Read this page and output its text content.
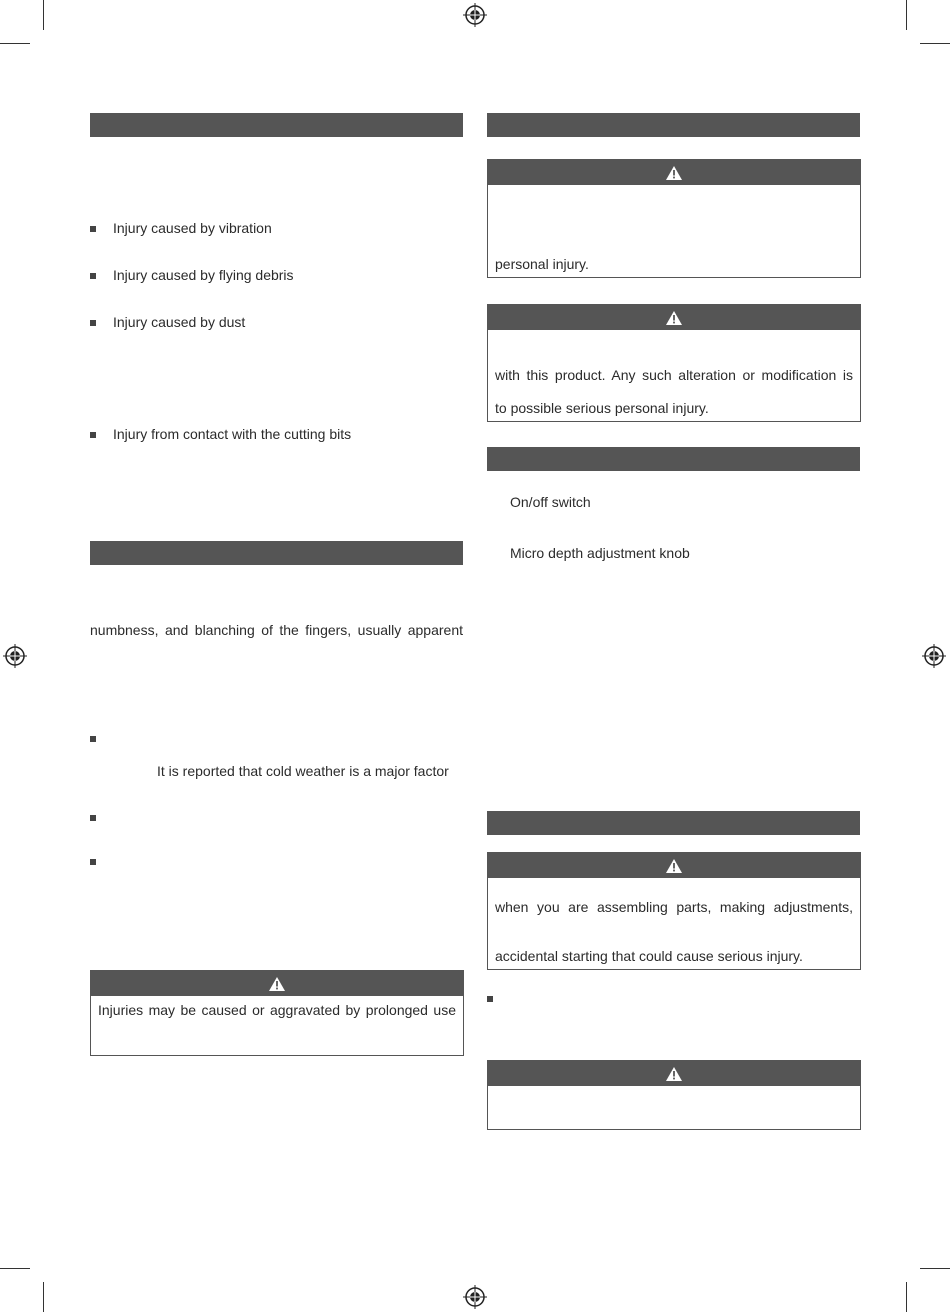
Injury caused by vibration
Injury caused by flying debris
Injury caused by dust
Injury from contact with the cutting bits
numbness, and blanching of the fingers, usually apparent
It is reported that cold weather is a major factor
Injuries may be caused or aggravated by prolonged use
personal injury.
with this product. Any such alteration or modification is
to possible serious personal injury.
On/off switch
Micro depth adjustment knob
when you are assembling parts, making adjustments,
accidental starting that could cause serious injury.
